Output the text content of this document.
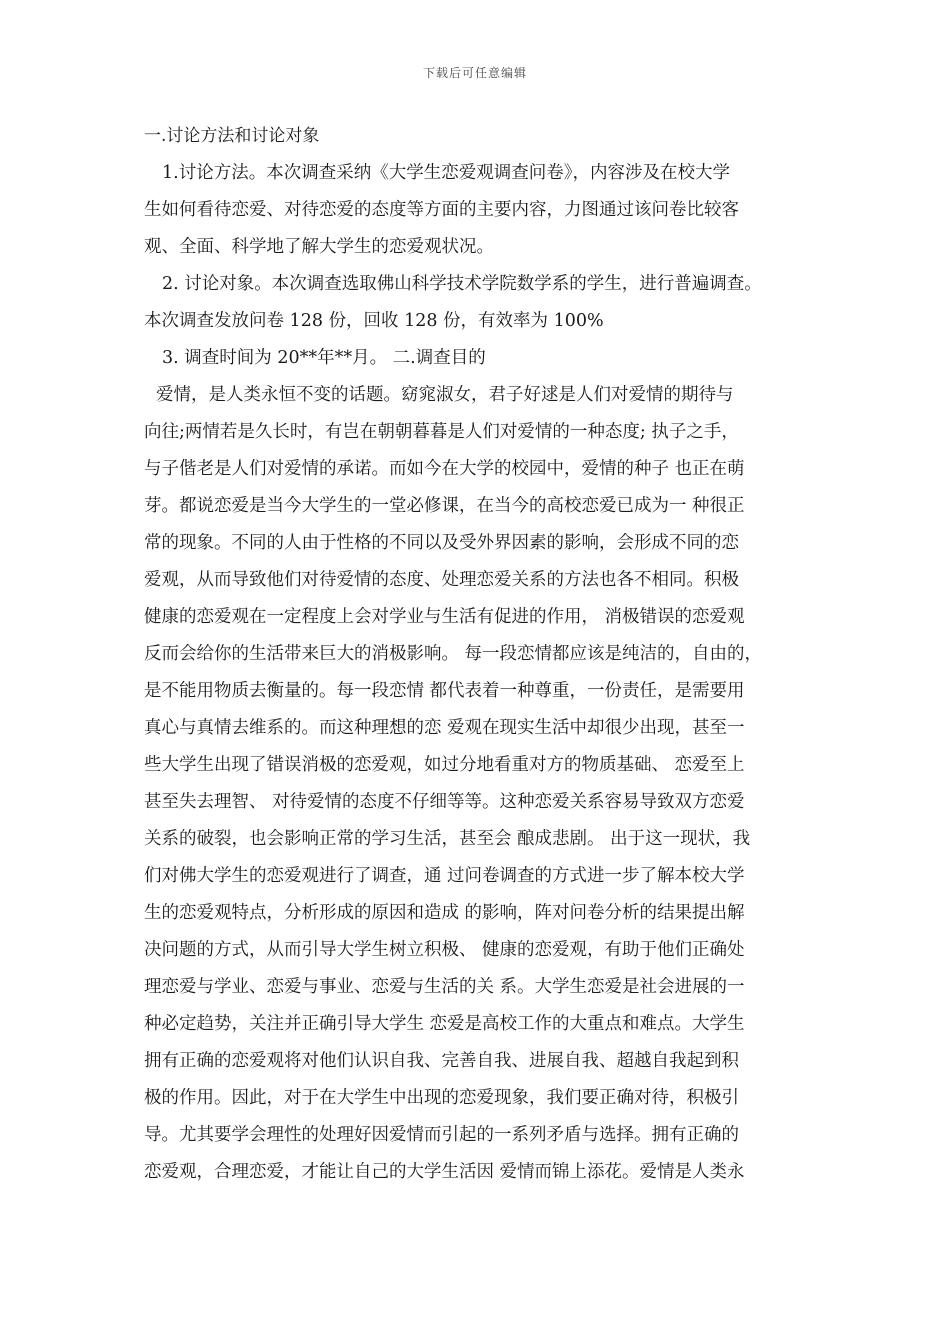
下载后可任意编辑
一.讨论方法和讨论对象
1.讨论方法。本次调查采纳《大学生恋爱观调查问卷》，内容涉及在校大学
生如何看待恋爱、对待恋爱的态度等方面的主要内容，力图通过该问卷比较客
观、全面、科学地了解大学生的恋爱观状况。
2. 讨论对象。本次调查选取佛山科学技术学院数学系的学生，进行普遍调查。
本次调查发放问卷 128 份，回收 128 份，有效率为 100%
3. 调查时间为 20**年**月。 二.调查目的
爱情，是人类永恒不变的话题。窈窕淑女，君子好逑是人们对爱情的期待与
向往;两情若是久长时，有岂在朝朝暮暮是人们对爱情的一种态度; 执子之手，
与子偕老是人们对爱情的承诺。而如今在大学的校园中，爱情的种子 也正在萌
芽。都说恋爱是当今大学生的一堂必修课，在当今的高校恋爱已成为一 种很正
常的现象。不同的人由于性格的不同以及受外界因素的影响，会形成不同的恋
爱观，从而导致他们对待爱情的态度、处理恋爱关系的方法也各不相同。积极
健康的恋爱观在一定程度上会对学业与生活有促进的作用， 消极错误的恋爱观
反而会给你的生活带来巨大的消极影响。 每一段恋情都应该是纯洁的，自由的，
是不能用物质去衡量的。每一段恋情 都代表着一种尊重，一份责任，是需要用
真心与真情去维系的。而这种理想的恋 爱观在现实生活中却很少出现，甚至一
些大学生出现了错误消极的恋爱观，如过分地看重对方的物质基础、 恋爱至上
甚至失去理智、 对待爱情的态度不仔细等等。这种恋爱关系容易导致双方恋爱
关系的破裂，也会影响正常的学习生活，甚至会 酿成悲剧。 出于这一现状，我
们对佛大学生的恋爱观进行了调查，通 过问卷调查的方式进一步了解本校大学
生的恋爱观特点，分析形成的原因和造成 的影响，阵对问卷分析的结果提出解
决问题的方式，从而引导大学生树立积极、 健康的恋爱观，有助于他们正确处
理恋爱与学业、恋爱与事业、恋爱与生活的关 系。大学生恋爱是社会进展的一
种必定趋势，关注并正确引导大学生 恋爱是高校工作的大重点和难点。大学生
拥有正确的恋爱观将对他们认识自我、完善自我、进展自我、超越自我起到积
极的作用。因此，对于在大学生中出现的恋爱现象，我们要正确对待，积极引
导。尤其要学会理性的处理好因爱情而引起的一系列矛盾与选择。拥有正确的
恋爱观，合理恋爱，才能让自己的大学生活因 爱情而锦上添花。爱情是人类永
